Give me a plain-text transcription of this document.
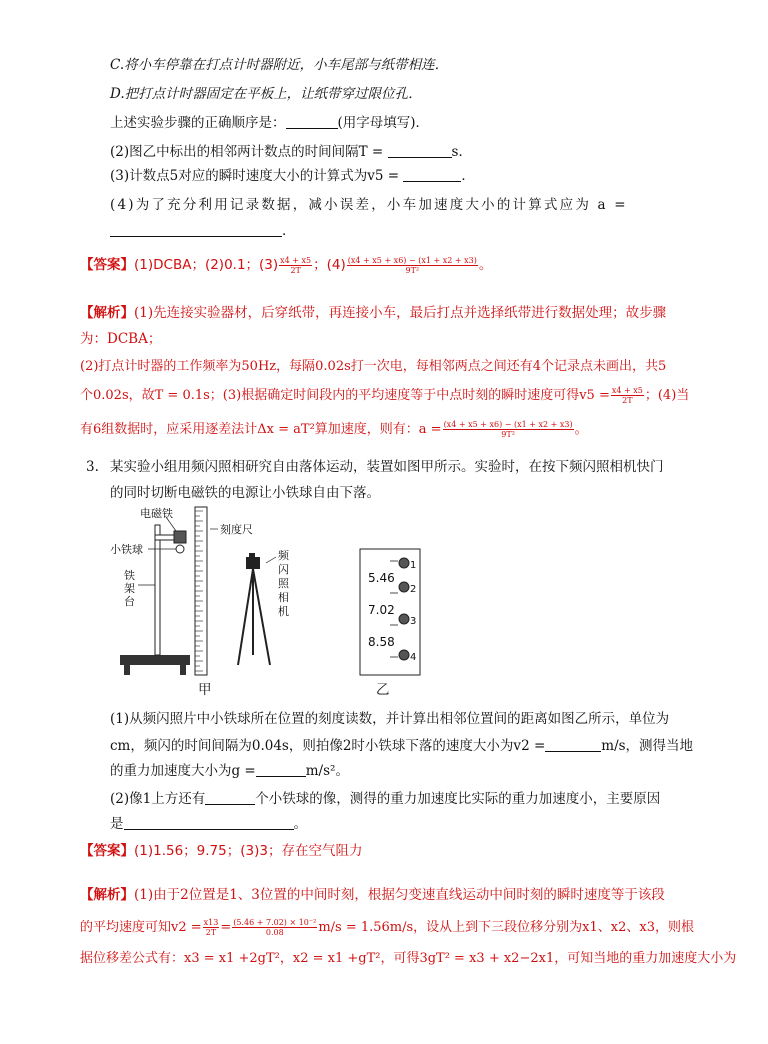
C.将小车停靠在打点计时器附近，小车尾部与纸带相连．
D.把打点计时器固定在平板上，让纸带穿过限位孔．
上述实验步骤的正确顺序是：	(用字母填写)．
(2)图乙中标出的相邻两计数点的时间间隔T =	s．
(3)计数点5对应的瞬时速度大小的计算式为v5 =	．
(4)为了充分利用记录数据，减小误差，小车加速度大小的计算式应为 a =
．
【答案】(1)DCBA；(2)0.1；$(3) \frac{x4 + x5}{2T}$ ；$(4) \frac{(x4 + x5 + x6) - (x1 + x2 + x3)}{\text{9T²}}$ 。
【解析】(1)先连接实验器材，后穿纸带，再连接小车，最后打点并选择纸带进行数据处理；故步骤
为：DCBA；
(2)打点计时器的工作频率为50Hz，每隔0.02s打一次电，每相邻两点之间还有4个记录点未画出，共5
个0.02s，故T = 0.1s；(3)根据确定时间段内的平均速度等于中点时刻的瞬时速度可得$v5 = \frac{x4 + x5}{2T}$ ；(4)当
有6组数据时，应采用逐差法计Δx = aT²算加速度，则有：$a = \frac{(x4 + x5 + x6) - (x1 + x2 + x3)}{\text{9T²}}$ 。
3. 某实验小组用频闪照相研究自由落体运动，装置如图甲所示。实验时，在按下频闪照相机快门
的同时切断电磁铁的电源让小铁球自由下落。
电磁铁
小铁球
铁架台
刻度尺
频闪照相机
甲	乙
5.46
7.02
8.58
1
2
3
4
(1)从频闪照片中小铁球所在位置的刻度读数，并计算出相邻位置间的距离如图乙所示，单位为
cm，频闪的时间间隔为0.04s，则拍像2时小铁球下落的速度大小为v2 =	m/s，测得当地
的重力加速度大小为g =	m/s²。
(2)像1上方还有	个小铁球的像，测得的重力加速度比实际的重力加速度小，主要原因
是	。
【答案】(1)1.56；9.75；(3)3；存在空气阻力
【解析】(1)由于2位置是1、3位置的中间时刻，根据匀变速直线运动中间时刻的瞬时速度等于该段
的平均速度可知$v2 = \frac{x13}{2T} = \frac{\text{(5.46 + 7.02) × 10⁻²}}{0.08} m/s = 1.56m/s$，设从上到下三段位移分别为x1、x2、x3，则根
据位移差公式有：x3 = x1 +2gT²，x2 = x1 +gT²，可得3gT² = x3 + x2−2x1，可知当地的重力加速度大小为
